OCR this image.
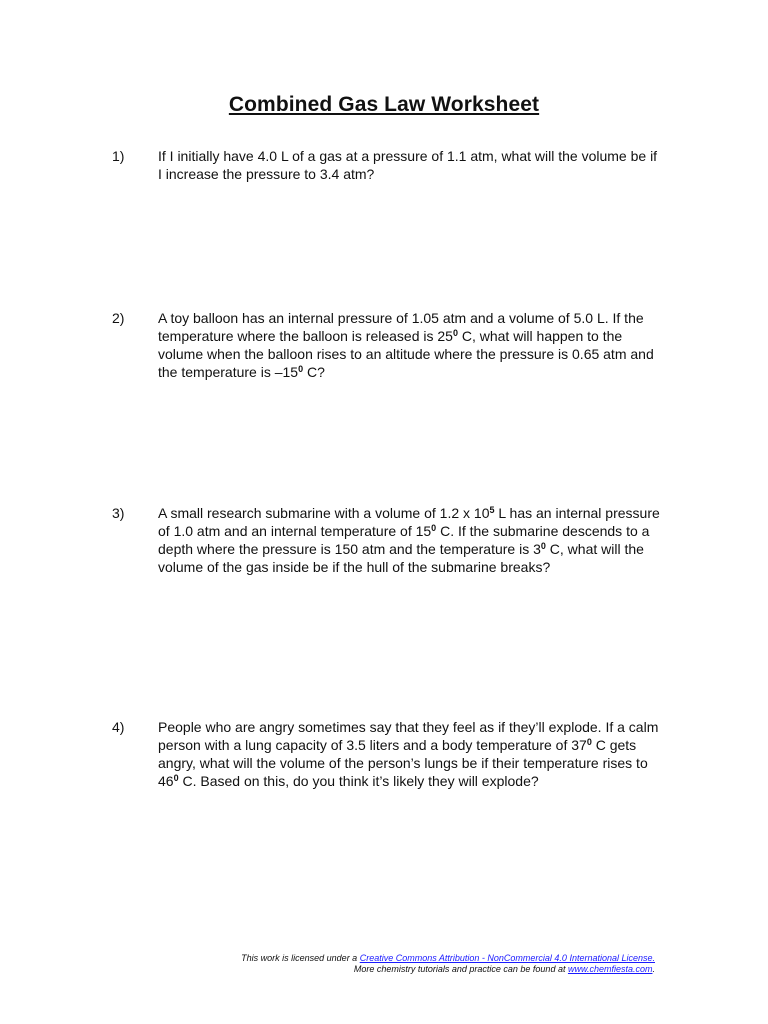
Combined Gas Law Worksheet
1) If I initially have 4.0 L of a gas at a pressure of 1.1 atm, what will the volume be if I increase the pressure to 3.4 atm?
2) A toy balloon has an internal pressure of 1.05 atm and a volume of 5.0 L. If the temperature where the balloon is released is $25^0$ C, what will happen to the volume when the balloon rises to an altitude where the pressure is 0.65 atm and the temperature is $-15^0$ C?
3) A small research submarine with a volume of 1.2 x $10^5$ L has an internal pressure of 1.0 atm and an internal temperature of $15^0$ C. If the submarine descends to a depth where the pressure is 150 atm and the temperature is $3^0$ C, what will the volume of the gas inside be if the hull of the submarine breaks?
4) People who are angry sometimes say that they feel as if they’ll explode. If a calm person with a lung capacity of 3.5 liters and a body temperature of $37^0$ C gets angry, what will the volume of the person’s lungs be if their temperature rises to $46^0$ C. Based on this, do you think it’s likely they will explode?
This work is licensed under a Creative Commons Attribution - NonCommercial 4.0 International License.
More chemistry tutorials and practice can be found at www.chemfiesta.com.
